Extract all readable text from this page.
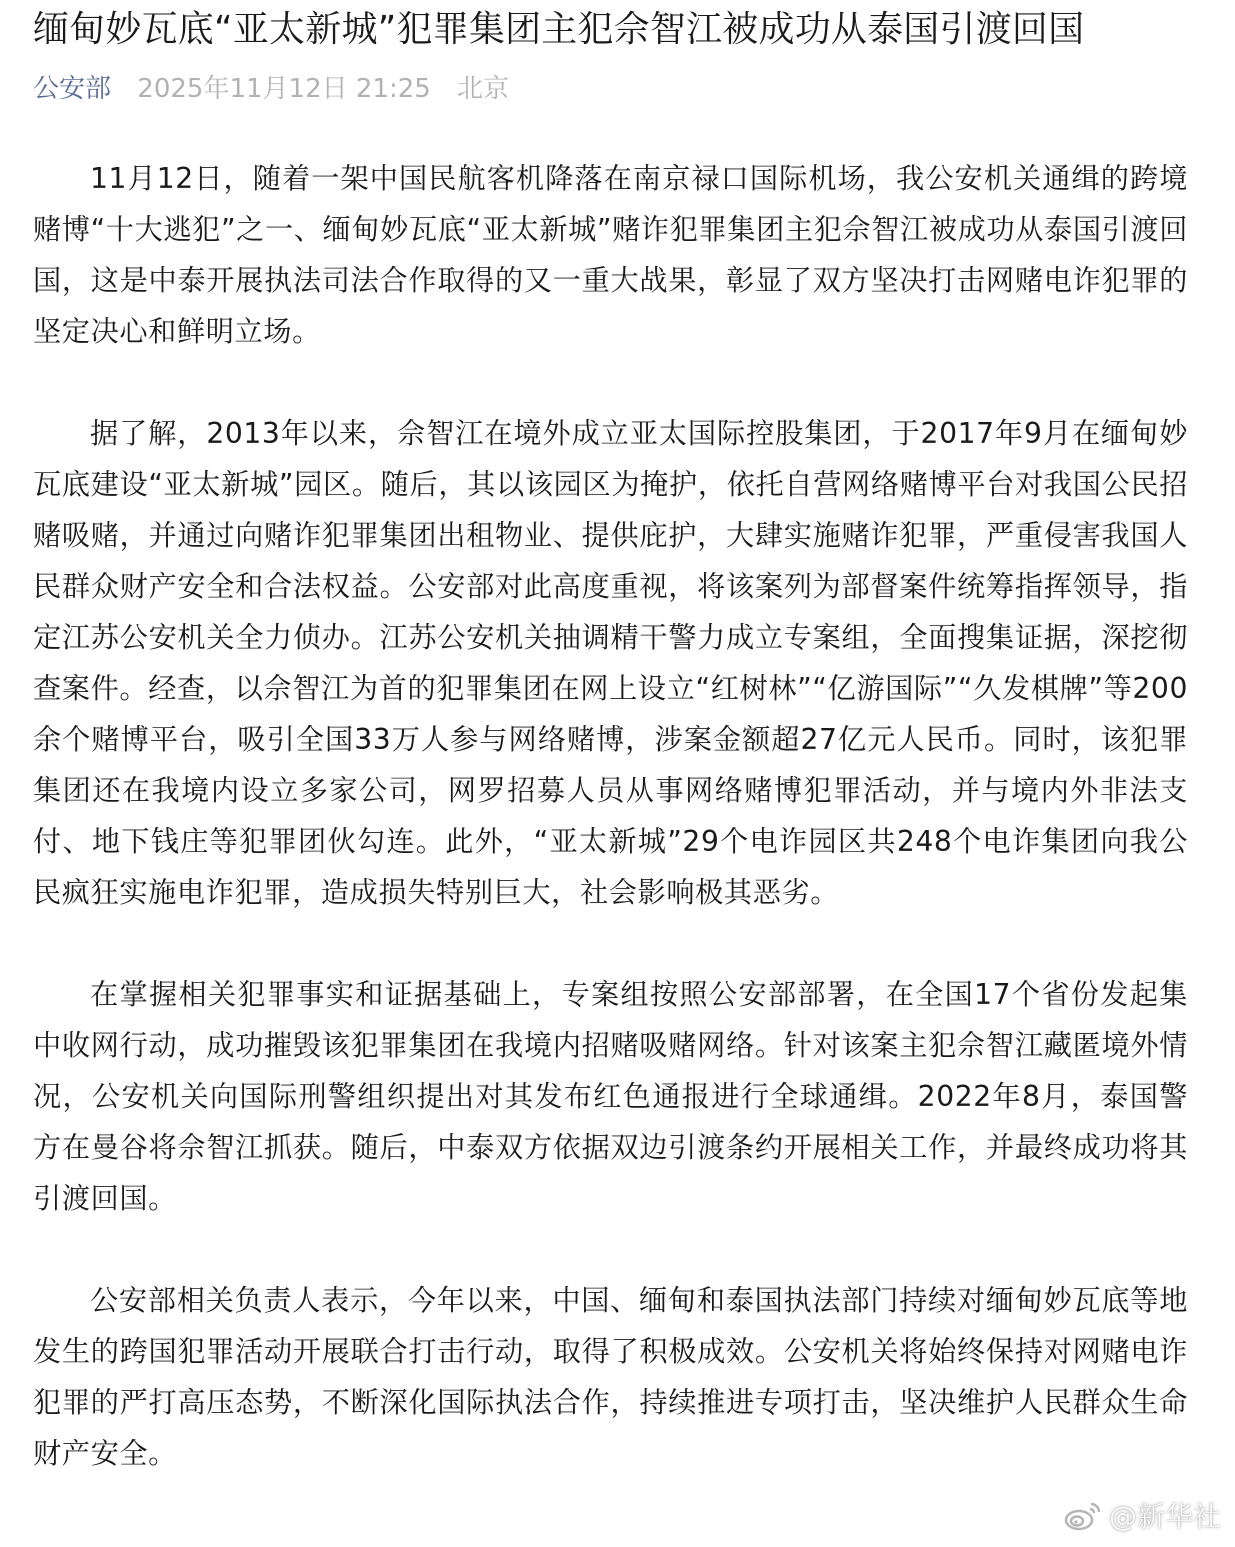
缅甸妙瓦底“亚太新城”犯罪集团主犯佘智江被成功从泰国引渡回国
公安部 2025年11月12日 21:25 北京

11月12日，随着一架中国民航客机降落在南京禄口国际机场，我公安机关通缉的跨境赌博“十大逃犯”之一、缅甸妙瓦底“亚太新城”赌诈犯罪集团主犯佘智江被成功从泰国引渡回国，这是中泰开展执法司法合作取得的又一重大战果，彰显了双方坚决打击网赌电诈犯罪的坚定决心和鲜明立场。

据了解，2013年以来，佘智江在境外成立亚太国际控股集团，于2017年9月在缅甸妙瓦底建设“亚太新城”园区。随后，其以该园区为掩护，依托自营网络赌博平台对我国公民招赌吸赌，并通过向赌诈犯罪集团出租物业、提供庇护，大肆实施赌诈犯罪，严重侵害我国人民群众财产安全和合法权益。公安部对此高度重视，将该案列为部督案件统筹指挥领导，指定江苏公安机关全力侦办。江苏公安机关抽调精干警力成立专案组，全面搜集证据，深挖彻查案件。经查，以佘智江为首的犯罪集团在网上设立“红树林”“亿游国际”“久发棋牌”等200余个赌博平台，吸引全国33万人参与网络赌博，涉案金额超27亿元人民币。同时，该犯罪集团还在我境内设立多家公司，网罗招募人员从事网络赌博犯罪活动，并与境内外非法支付、地下钱庄等犯罪团伙勾连。此外，“亚太新城”29个电诈园区共248个电诈集团向我公民疯狂实施电诈犯罪，造成损失特别巨大，社会影响极其恶劣。

在掌握相关犯罪事实和证据基础上，专案组按照公安部部署，在全国17个省份发起集中收网行动，成功摧毁该犯罪集团在我境内招赌吸赌网络。针对该案主犯佘智江藏匿境外情况，公安机关向国际刑警组织提出对其发布红色通报进行全球通缉。2022年8月，泰国警方在曼谷将佘智江抓获。随后，中泰双方依据双边引渡条约开展相关工作，并最终成功将其引渡回国。

公安部相关负责人表示，今年以来，中国、缅甸和泰国执法部门持续对缅甸妙瓦底等地发生的跨国犯罪活动开展联合打击行动，取得了积极成效。公安机关将始终保持对网赌电诈犯罪的严打高压态势，不断深化国际执法合作，持续推进专项打击，坚决维护人民群众生命财产安全。

@新华社
